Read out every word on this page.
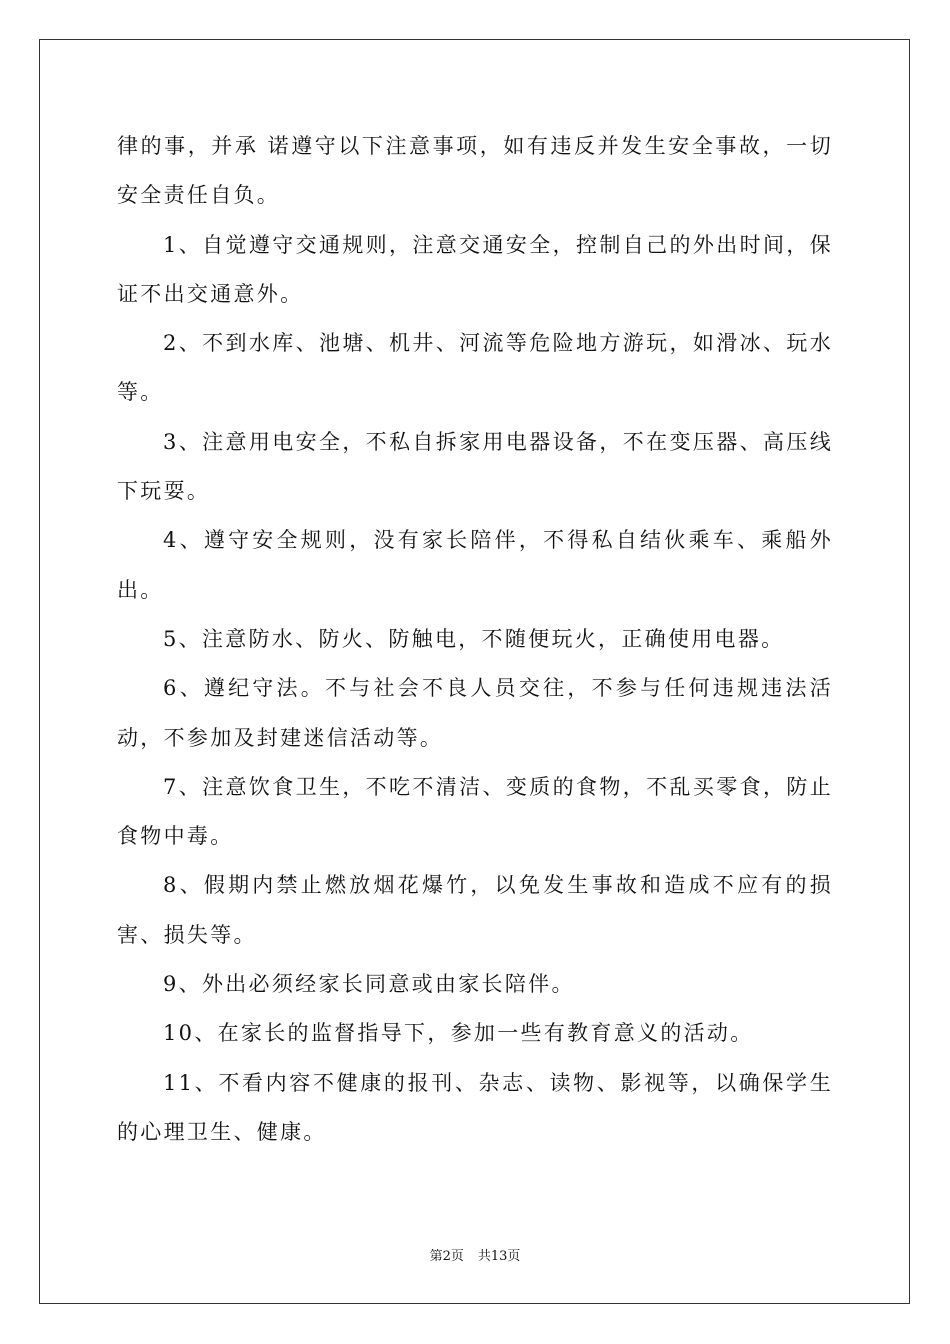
律的事，并承 诺遵守以下注意事项，如有违反并发生安全事故，一切安全责任自负。

1、自觉遵守交通规则，注意交通安全，控制自己的外出时间，保证不出交通意外。

2、不到水库、池塘、机井、河流等危险地方游玩，如滑冰、玩水等。

3、注意用电安全，不私自拆家用电器设备，不在变压器、高压线下玩耍。

4、遵守安全规则，没有家长陪伴，不得私自结伙乘车、乘船外出。

5、注意防水、防火、防触电，不随便玩火，正确使用电器。

6、遵纪守法。不与社会不良人员交往，不参与任何违规违法活动，不参加及封建迷信活动等。

7、注意饮食卫生，不吃不清洁、变质的食物，不乱买零食，防止食物中毒。

8、假期内禁止燃放烟花爆竹，以免发生事故和造成不应有的损害、损失等。

9、外出必须经家长同意或由家长陪伴。

10、在家长的监督指导下，参加一些有教育意义的活动。

11、不看内容不健康的报刊、杂志、读物、影视等，以确保学生的心理卫生、健康。

第2页 共13页
